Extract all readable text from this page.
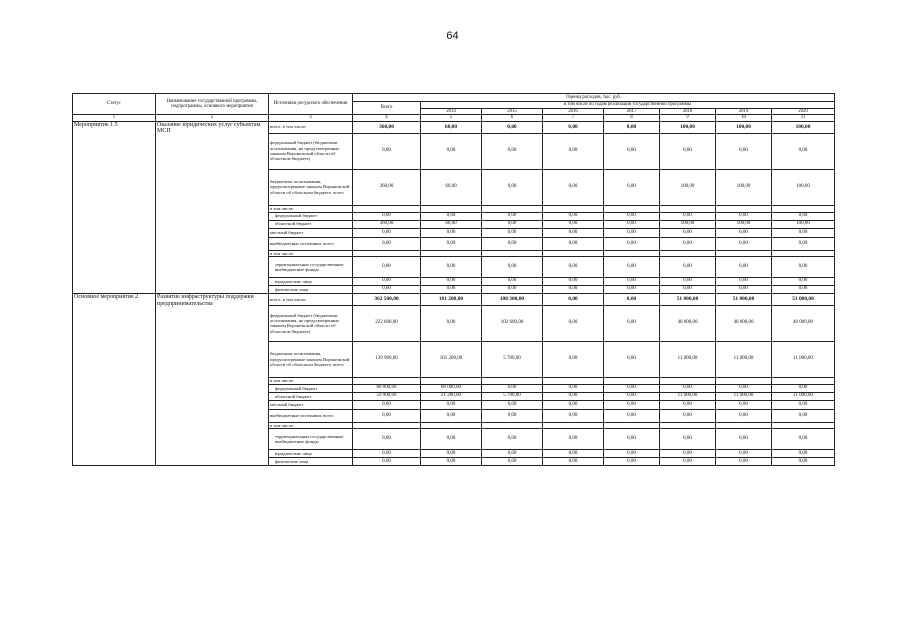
64
Статус	Наименование государственной программы, подпрограммы, основного мероприятия	Источники ресурсного обеспечения	Оценка расходов, тыс. руб.							
			Всего	в том числе по годам реализации государственной программы						
				2014	2015	2016	2017	2018	2019	2020
1	2	3	4	5	6	7	8	9	10	11
Мероприятие 1.5	Оказание юридических услуг субъектам МСП	всего, в том числе:	360,00	60,00	0,00	0,00	0,00	100,00	100,00	100,00
		федеральный бюджет (бюджетные ассигнования, не предусмотренные законом Воронежской области об областном бюджете)	0,00	0,00	0,00	0,00	0,00	0,00	0,00	0,00
		бюджетные ассигнования, предусмотренные законом Воронежской области об областном бюджете, всего	360,00	60,00	0,00	0,00	0,00	100,00	100,00	100,00
		в том числе:								
		федеральный бюджет	0,00	0,00	0,00	0,00	0,00	0,00	0,00	0,00
		областной бюджет	360,00	60,00	0,00	0,00	0,00	100,00	100,00	100,00
		местный бюджет	0,00	0,00	0,00	0,00	0,00	0,00	0,00	0,00
		внебюджетные источники, всего	0,00	0,00	0,00	0,00	0,00	0,00	0,00	0,00
		в том числе:								
		территориальные государственные внебюджетные фонды	0,00	0,00	0,00	0,00	0,00	0,00	0,00	0,00
		юридические лица	0,00	0,00	0,00	0,00	0,00	0,00	0,00	0,00
		физические лица	0,00	0,00	0,00	0,00	0,00	0,00	0,00	0,00
Основное мероприятие 2	Развитие инфраструктуры поддержки предпринимательства	всего, в том числе:	362 500,00	101 200,00	108 300,00	0,00	0,00	51 000,00	51 000,00	51 000,00
		федеральный бюджет (бюджетные ассигнования, не предусмотренные законом Воронежской области об областном бюджете)	222 600,00	0,00	102 600,00	0,00	0,00	40 000,00	40 000,00	40 000,00
		бюджетные ассигнования, предусмотренные законом Воронежской области об областном бюджете, всего	139 900,00	101 200,00	5 700,00	0,00	0,00	11 000,00	11 000,00	11 000,00
		в том числе:								
		федеральный бюджет	80 000,00	80 000,00	0,00	0,00	0,00	0,00	0,00	0,00
		областной бюджет	59 900,00	21 200,00	5 700,00	0,00	0,00	11 000,00	11 000,00	11 000,00
		местный бюджет	0,00	0,00	0,00	0,00	0,00	0,00	0,00	0,00
		внебюджетные источники, всего	0,00	0,00	0,00	0,00	0,00	0,00	0,00	0,00
		в том числе:								
		территориальные государственные внебюджетные фонды	0,00	0,00	0,00	0,00	0,00	0,00	0,00	0,00
		юридические лица	0,00	0,00	0,00	0,00	0,00	0,00	0,00	0,00
		физические лица	0,00	0,00	0,00	0,00	0,00	0,00	0,00	0,00
